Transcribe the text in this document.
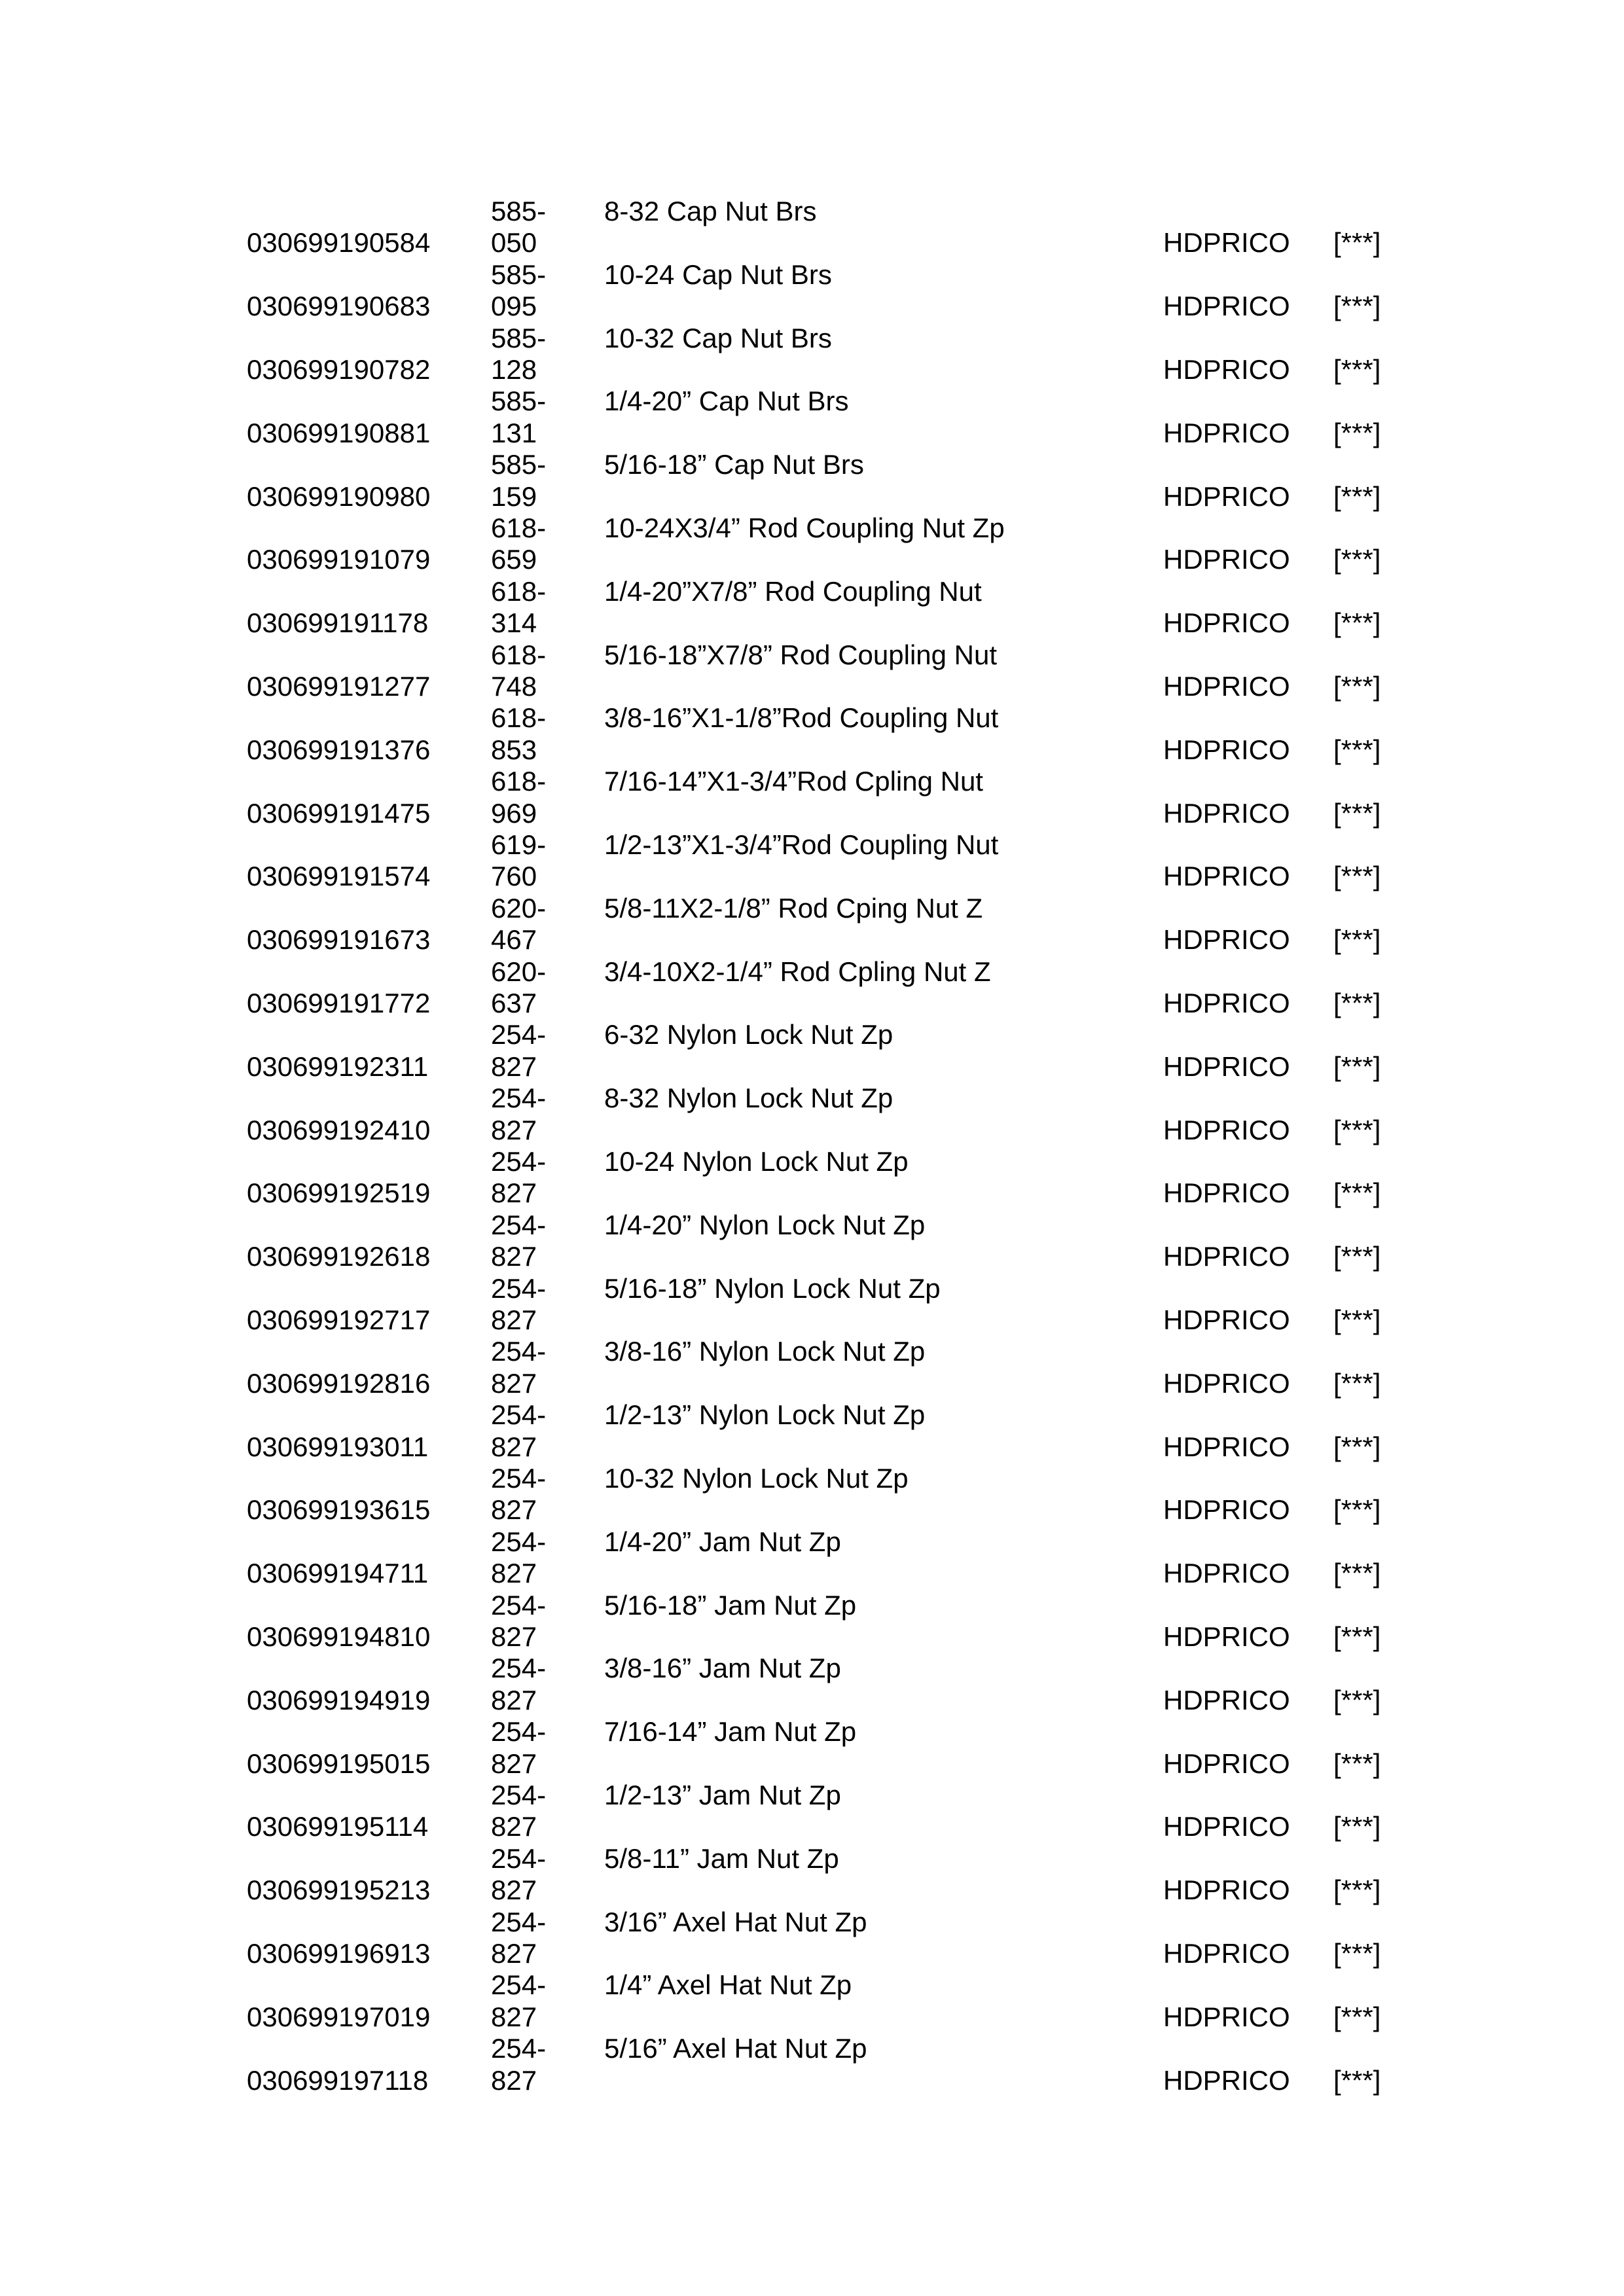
030699190584
585-
050
8-32 Cap Nut Brs
HDPRICO [***]
030699190683
585-
095
10-24 Cap Nut Brs
HDPRICO [***]
030699190782
585-
128
10-32 Cap Nut Brs
HDPRICO [***]
030699190881
585-
131
1/4-20” Cap Nut Brs
HDPRICO [***]
030699190980
585-
159
5/16-18” Cap Nut Brs
HDPRICO [***]
030699191079
618-
659
10-24X3/4” Rod Coupling Nut Zp
HDPRICO [***]
030699191178
618-
314
1/4-20”X7/8” Rod Coupling Nut
HDPRICO [***]
030699191277
618-
748
5/16-18”X7/8” Rod Coupling Nut
HDPRICO [***]
030699191376
618-
853
3/8-16”X1-1/8”Rod Coupling Nut
HDPRICO [***]
030699191475
618-
969
7/16-14”X1-3/4”Rod Cpling Nut
HDPRICO [***]
030699191574
619-
760
1/2-13”X1-3/4”Rod Coupling Nut
HDPRICO [***]
030699191673
620-
467
5/8-11X2-1/8” Rod Cping Nut Z
HDPRICO [***]
030699191772
620-
637
3/4-10X2-1/4” Rod Cpling Nut Z
HDPRICO [***]
030699192311
254-
827
6-32 Nylon Lock Nut Zp
HDPRICO [***]
030699192410
254-
827
8-32 Nylon Lock Nut Zp
HDPRICO [***]
030699192519
254-
827
10-24 Nylon Lock Nut Zp
HDPRICO [***]
030699192618
254-
827
1/4-20” Nylon Lock Nut Zp
HDPRICO [***]
030699192717
254-
827
5/16-18” Nylon Lock Nut Zp
HDPRICO [***]
030699192816
254-
827
3/8-16” Nylon Lock Nut Zp
HDPRICO [***]
030699193011
254-
827
1/2-13” Nylon Lock Nut Zp
HDPRICO [***]
030699193615
254-
827
10-32 Nylon Lock Nut Zp
HDPRICO [***]
030699194711
254-
827
1/4-20” Jam Nut Zp
HDPRICO [***]
030699194810
254-
827
5/16-18” Jam Nut Zp
HDPRICO [***]
030699194919
254-
827
3/8-16” Jam Nut Zp
HDPRICO [***]
030699195015
254-
827
7/16-14” Jam Nut Zp
HDPRICO [***]
030699195114
254-
827
1/2-13” Jam Nut Zp
HDPRICO [***]
030699195213
254-
827
5/8-11” Jam Nut Zp
HDPRICO [***]
030699196913
254-
827
3/16” Axel Hat Nut Zp
HDPRICO [***]
030699197019
254-
827
1/4” Axel Hat Nut Zp
HDPRICO [***]
030699197118
254-
827
5/16” Axel Hat Nut Zp
HDPRICO [***]
